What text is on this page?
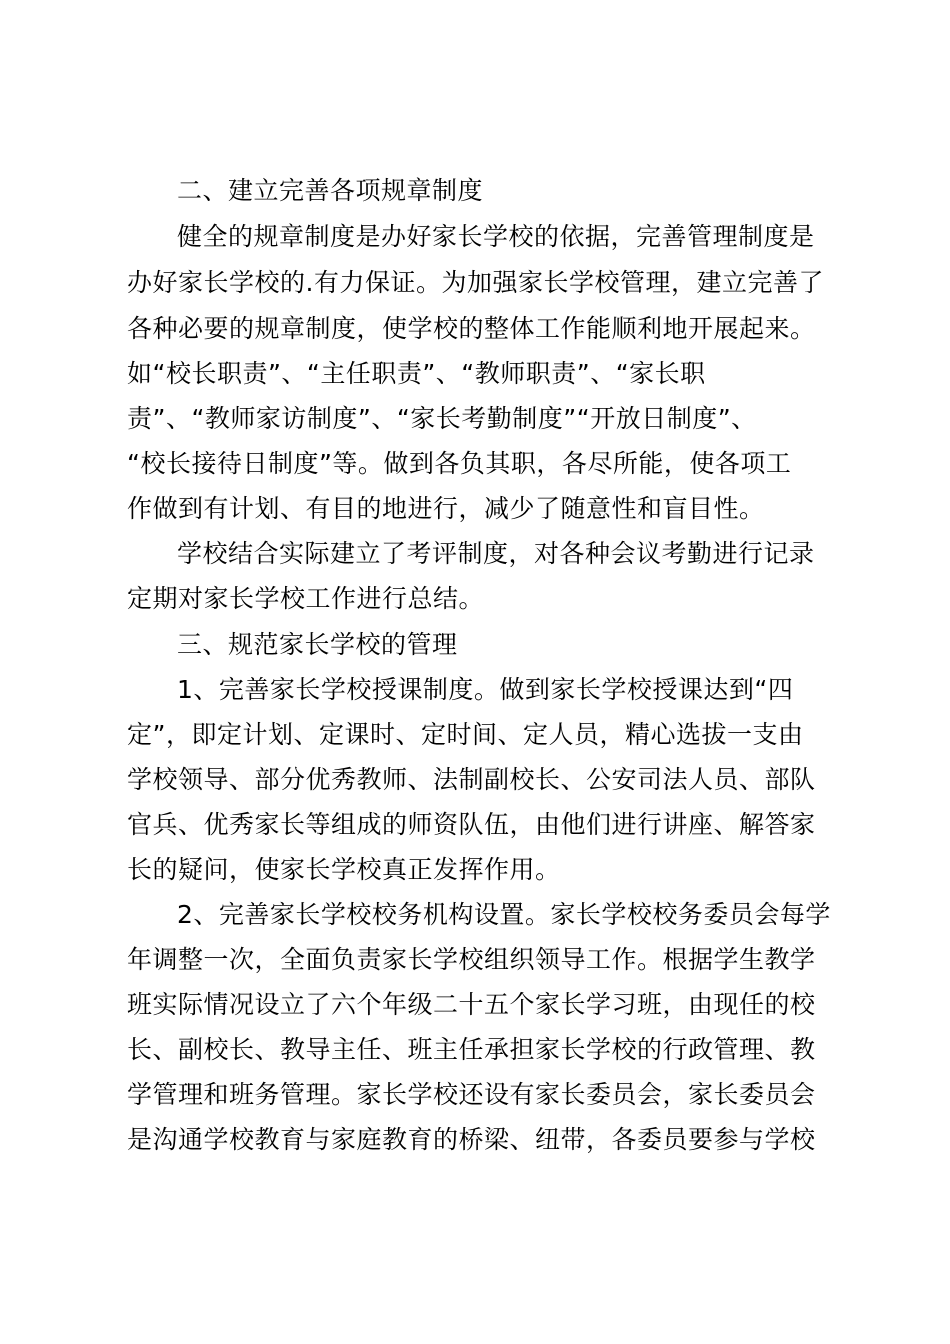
二、建立完善各项规章制度
健全的规章制度是办好家长学校的依据，完善管理制度是
办好家长学校的.有力保证。为加强家长学校管理，建立完善了
各种必要的规章制度，使学校的整体工作能顺利地开展起来。
如“校长职责”、“主任职责”、“教师职责”、“家长职
责”、“教师家访制度”、“家长考勤制度”“开放日制度”、
“校长接待日制度”等。做到各负其职，各尽所能，使各项工
作做到有计划、有目的地进行，减少了随意性和盲目性。
学校结合实际建立了考评制度，对各种会议考勤进行记录
定期对家长学校工作进行总结。
三、规范家长学校的管理
1、完善家长学校授课制度。做到家长学校授课达到“四
定”，即定计划、定课时、定时间、定人员，精心选拔一支由
学校领导、部分优秀教师、法制副校长、公安司法人员、部队
官兵、优秀家长等组成的师资队伍，由他们进行讲座、解答家
长的疑问，使家长学校真正发挥作用。
2、完善家长学校校务机构设置。家长学校校务委员会每学
年调整一次，全面负责家长学校组织领导工作。根据学生教学
班实际情况设立了六个年级二十五个家长学习班，由现任的校
长、副校长、教导主任、班主任承担家长学校的行政管理、教
学管理和班务管理。家长学校还设有家长委员会，家长委员会
是沟通学校教育与家庭教育的桥梁、纽带，各委员要参与学校
